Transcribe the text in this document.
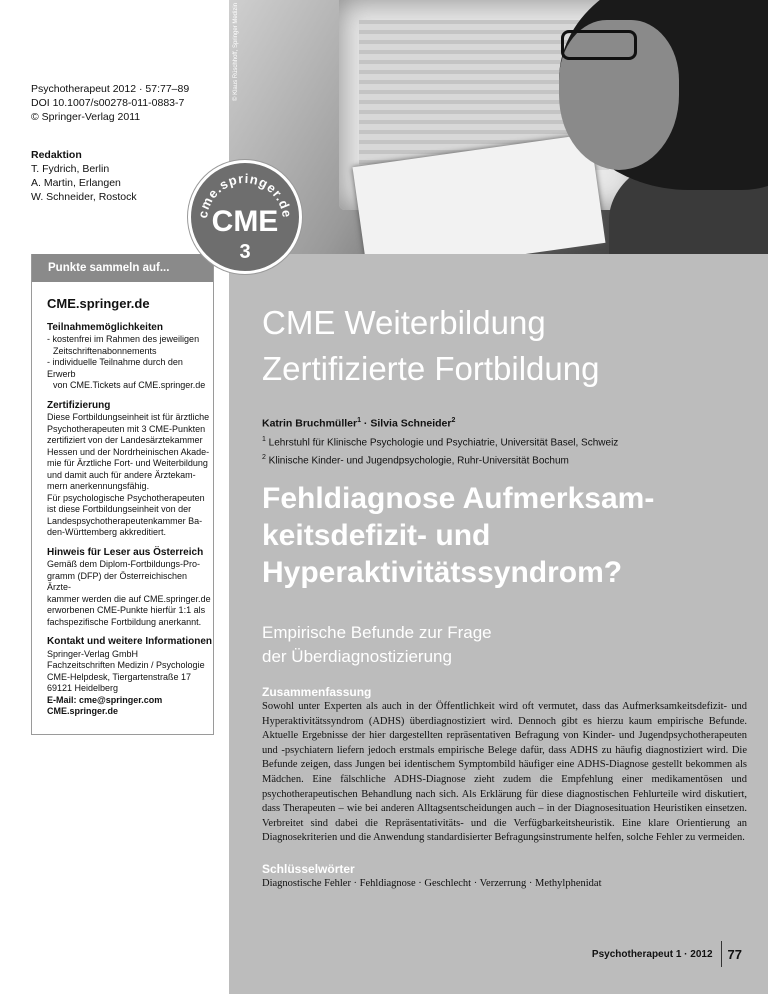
© Klaus Rüschhoff, Springer Medizin
Psychotherapeut 2012 · 57:77–89
DOI 10.1007/s00278-011-0883-7
© Springer-Verlag 2011
Redaktion
T. Fydrich, Berlin
A. Martin, Erlangen
W. Schneider, Rostock
Punkte sammeln auf...
CME.springer.de
Teilnahmemöglichkeiten
- kostenfrei im Rahmen des jeweiligen
Zeitschriftenabonnements
- individuelle Teilnahme durch den Erwerb
von CME.Tickets auf CME.springer.de
Zertifizierung
Diese Fortbildungseinheit ist für ärztliche
Psychotherapeuten mit 3 CME-Punkten
zertifiziert von der Landesärztekammer
Hessen und der Nordrheinischen Akade-
mie für Ärztliche Fort- und Weiterbildung
und damit auch für andere Ärztekam-
mern anerkennungsfähig.
Für psychologische Psychotherapeuten
ist diese Fortbildungseinheit von der
Landespsychotherapeutenkammer Ba-
den-Württemberg akkreditiert.
Hinweis für Leser aus Österreich
Gemäß dem Diplom-Fortbildungs-Pro-
gramm (DFP) der Österreichischen Ärzte-
kammer werden die auf CME.springer.de
erworbenen CME-Punkte hierfür 1:1 als
fachspezifische Fortbildung anerkannt.
Kontakt und weitere Informationen
Springer-Verlag GmbH
Fachzeitschriften Medizin / Psychologie
CME-Helpdesk, Tiergartenstraße 17
69121 Heidelberg
E-Mail: cme@springer.com
CME.springer.de
cme.springer.de
CME
3
CME Weiterbildung
Zertifizierte Fortbildung
Katrin Bruchmüller$^1$ · Silvia Schneider$^2$
$^1$ Lehrstuhl für Klinische Psychologie und Psychiatrie, Universität Basel, Schweiz
$^2$ Klinische Kinder- und Jugendpsychologie, Ruhr-Universität Bochum
Fehldiagnose Aufmerksam-
keitsdefizit- und
Hyperaktivitätssyndrom?
Empirische Befunde zur Frage
der Überdiagnostizierung
Zusammenfassung
Sowohl unter Experten als auch in der Öffentlichkeit wird oft vermutet, dass das Aufmerksamkeitsdefizit- und Hyperaktivitätssyndrom (ADHS) überdiagnostiziert wird. Dennoch gibt es hierzu kaum empirische Befunde. Aktuelle Ergebnisse der hier dargestellten repräsentativen Befragung von Kinder- und Jugendpsychotherapeuten und -psychiatern liefern jedoch erstmals empirische Belege dafür, dass ADHS zu häufig diagnostiziert wird. Die Befunde zeigen, dass Jungen bei identischem Symptombild häufiger eine ADHS-Diagnose gestellt bekommen als Mädchen. Eine fälschliche ADHS-Diagnose zieht zudem die Empfehlung einer medikamentösen und psychotherapeutischen Behandlung nach sich. Als Erklärung für diese diagnostischen Fehlurteile wird diskutiert, dass Therapeuten – wie bei anderen Alltagsentscheidungen auch – in der Diagnosesituation Heuristiken einsetzen. Verbreitet sind dabei die Repräsentativitäts- und die Verfügbarkeitsheuristik. Eine klare Orientierung an Diagnosekriterien und die Anwendung standardisierter Befragungsinstrumente helfen, solche Fehler zu vermeiden.
Schlüsselwörter
Diagnostische Fehler · Fehldiagnose · Geschlecht · Verzerrung · Methylphenidat
Psychotherapeut 1 · 2012 77
